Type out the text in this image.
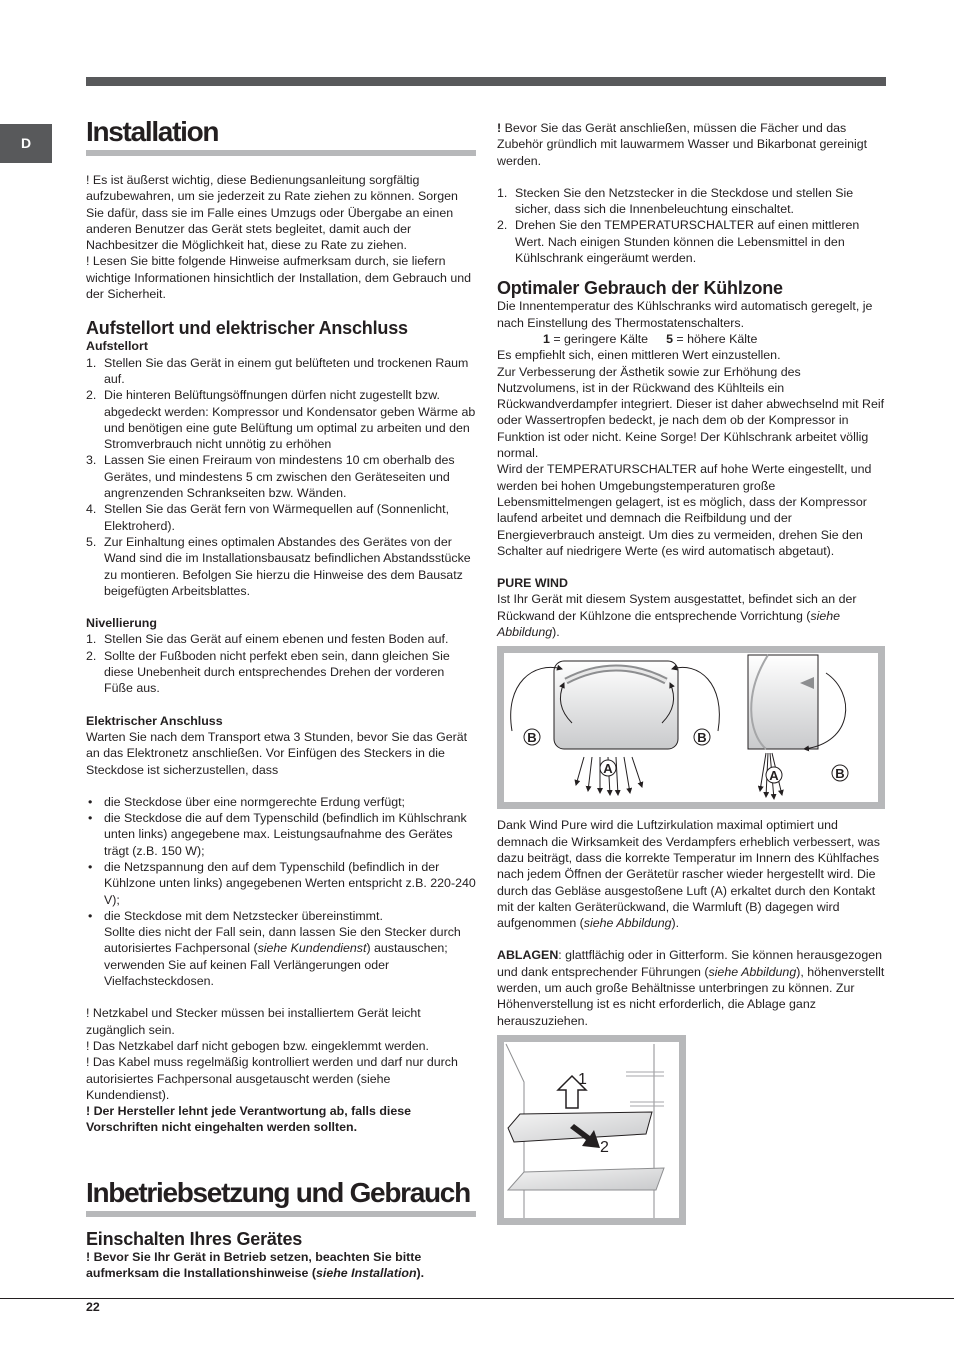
D	Installation

! Es ist äußerst wichtig, diese Bedienungsanleitung sorgfältig aufzubewahren, um sie jederzeit zu Rate ziehen zu können. Sorgen Sie dafür, dass sie im Falle eines Umzugs oder Übergabe an einen anderen Benutzer das Gerät stets begleitet, damit auch der Nachbesitzer die Möglichkeit hat, diese zu Rate zu ziehen.

! Lesen Sie bitte folgende Hinweise aufmerksam durch, sie liefern wichtige Informationen hinsichtlich der Installation, dem Gebrauch und der Sicherheit.

Aufstellort und elektrischer Anschluss
Aufstellort
1. Stellen Sie das Gerät in einem gut belüfteten und trockenen Raum auf.
2. Die hinteren Belüftungsöffnungen dürfen nicht zugestellt bzw. abgedeckt werden: Kompressor und Kondensator geben Wärme ab und benötigen eine gute Belüftung um optimal zu arbeiten und den Stromverbrauch nicht unnötig zu erhöhen
3. Lassen Sie einen Freiraum von mindestens 10 cm oberhalb des Gerätes, und mindestens 5 cm zwischen den Geräteseiten und angrenzenden Schrankseiten bzw. Wänden.
4. Stellen Sie das Gerät fern von Wärmequellen auf (Sonnenlicht, Elektroherd).
5. Zur Einhaltung eines optimalen Abstandes des Gerätes von der Wand sind die im Installationsbausatz befindlichen Abstandsstücke zu montieren. Befolgen Sie hierzu die Hinweise des dem Bausatz beigefügten Arbeitsblattes.
Nivellierung
1. Stellen Sie das Gerät auf einem ebenen und festen Boden auf.
2. Sollte der Fußboden nicht perfekt eben sein, dann gleichen Sie diese Unebenheit durch entsprechendes Drehen der vorderen Füße aus.
Elektrischer Anschluss

Warten Sie nach dem Transport etwa 3 Stunden, bevor Sie das Gerät an das Elektronetz anschließen. Vor Einfügen des Steckers in die Steckdose ist sicherzustellen, dass

• die Steckdose über eine normgerechte Erdung verfügt;
• die Steckdose die auf dem Typenschild (befindlich im Kühlschrank unten links) angegebene max. Leistungsaufnahme des Gerätes trägt (z.B. 150 W);
• die Netzspannung den auf dem Typenschild (befindlich in der Kühlzone unten links) angegebenen Werten entspricht z.B. 220-240 V);
• die Steckdose mit dem Netzstecker übereinstimmt.

Sollte dies nicht der Fall sein, dann lassen Sie den Stecker durch autorisiertes Fachpersonal (siehe Kundendienst) austauschen; verwenden Sie auf keinen Fall Verlängerungen oder Vielfachsteckdosen.

! Netzkabel und Stecker müssen bei installiertem Gerät leicht zugänglich sein.

! Das Netzkabel darf nicht gebogen bzw. eingeklemmt werden.

! Das Kabel muss regelmäßig kontrolliert werden und darf nur durch autorisiertes Fachpersonal ausgetauscht werden (siehe Kundendienst).

! Der Hersteller lehnt jede Verantwortung ab, falls diese Vorschriften nicht eingehalten werden sollten.

Inbetriebsetzung und Gebrauch
Einschalten Ihres Gerätes

! Bevor Sie Ihr Gerät in Betrieb setzen, beachten Sie bitte aufmerksam die Installationshinweise (siehe Installation).

! Bevor Sie das Gerät anschließen, müssen die Fächer und das Zubehör gründlich mit lauwarmem Wasser und Bikarbonat gereinigt werden.

1. Stecken Sie den Netzstecker in die Steckdose und stellen Sie sicher, dass sich die Innenbeleuchtung einschaltet.
2. Drehen Sie den TEMPERATURSCHALTER auf einen mittleren Wert. Nach einigen Stunden können die Lebensmittel in den Kühlschrank eingeräumt werden.
Optimaler Gebrauch der Kühlzone

Die Innentemperatur des Kühlschranks wird automatisch geregelt, je nach Einstellung des Thermostatenschalters.

1 = geringere Kälte 5 = höhere Kälte

Es empfiehlt sich, einen mittleren Wert einzustellen.

Zur Verbesserung der Ästhetik sowie zur Erhöhung des Nutzvolumens, ist in der Rückwand des Kühlteils ein Rückwandverdampfer integriert. Dieser ist daher abwechselnd mit Reif oder Wassertropfen bedeckt, je nach dem ob der Kompressor in Funktion ist oder nicht. Keine Sorge! Der Kühlschrank arbeitet völlig normal.

Wird der TEMPERATURSCHALTER auf hohe Werte eingestellt, und werden bei hohen Umgebungstemperaturen große Lebensmittelmengen gelagert, ist es möglich, dass der Kompressor laufend arbeitet und demnach die Reifbildung und der Energieverbrauch ansteigt. Um dies zu vermeiden, drehen Sie den Schalter auf niedrigere Werte (es wird automatisch abgetaut).

PURE WIND

Ist Ihr Gerät mit diesem System ausgestattet, befindet sich an der Rückwand der Kühlzone die entsprechende Vorrichtung (siehe Abbildung).

B	B
A	A	B

Dank Wind Pure wird die Luftzirkulation maximal optimiert und demnach die Wirksamkeit des Verdampfers erheblich verbessert, was dazu beiträgt, dass die korrekte Temperatur im Innern des Kühlfaches nach jedem Öffnen der Gerätetür rascher wieder hergestellt wird. Die durch das Gebläse ausgestoßene Luft (A) erkaltet durch den Kontakt mit der kalten Geräterückwand, die Warmluft (B) dagegen wird aufgenommen (siehe Abbildung).

ABLAGEN: glattflächig oder in Gitterform. Sie können herausgezogen und dank entsprechender Führungen (siehe Abbildung), höhenverstellt werden, um auch große Behältnisse unterbringen zu können. Zur Höhenverstellung ist es nicht erforderlich, die Ablage ganz herauszuziehen.

1
2
22
